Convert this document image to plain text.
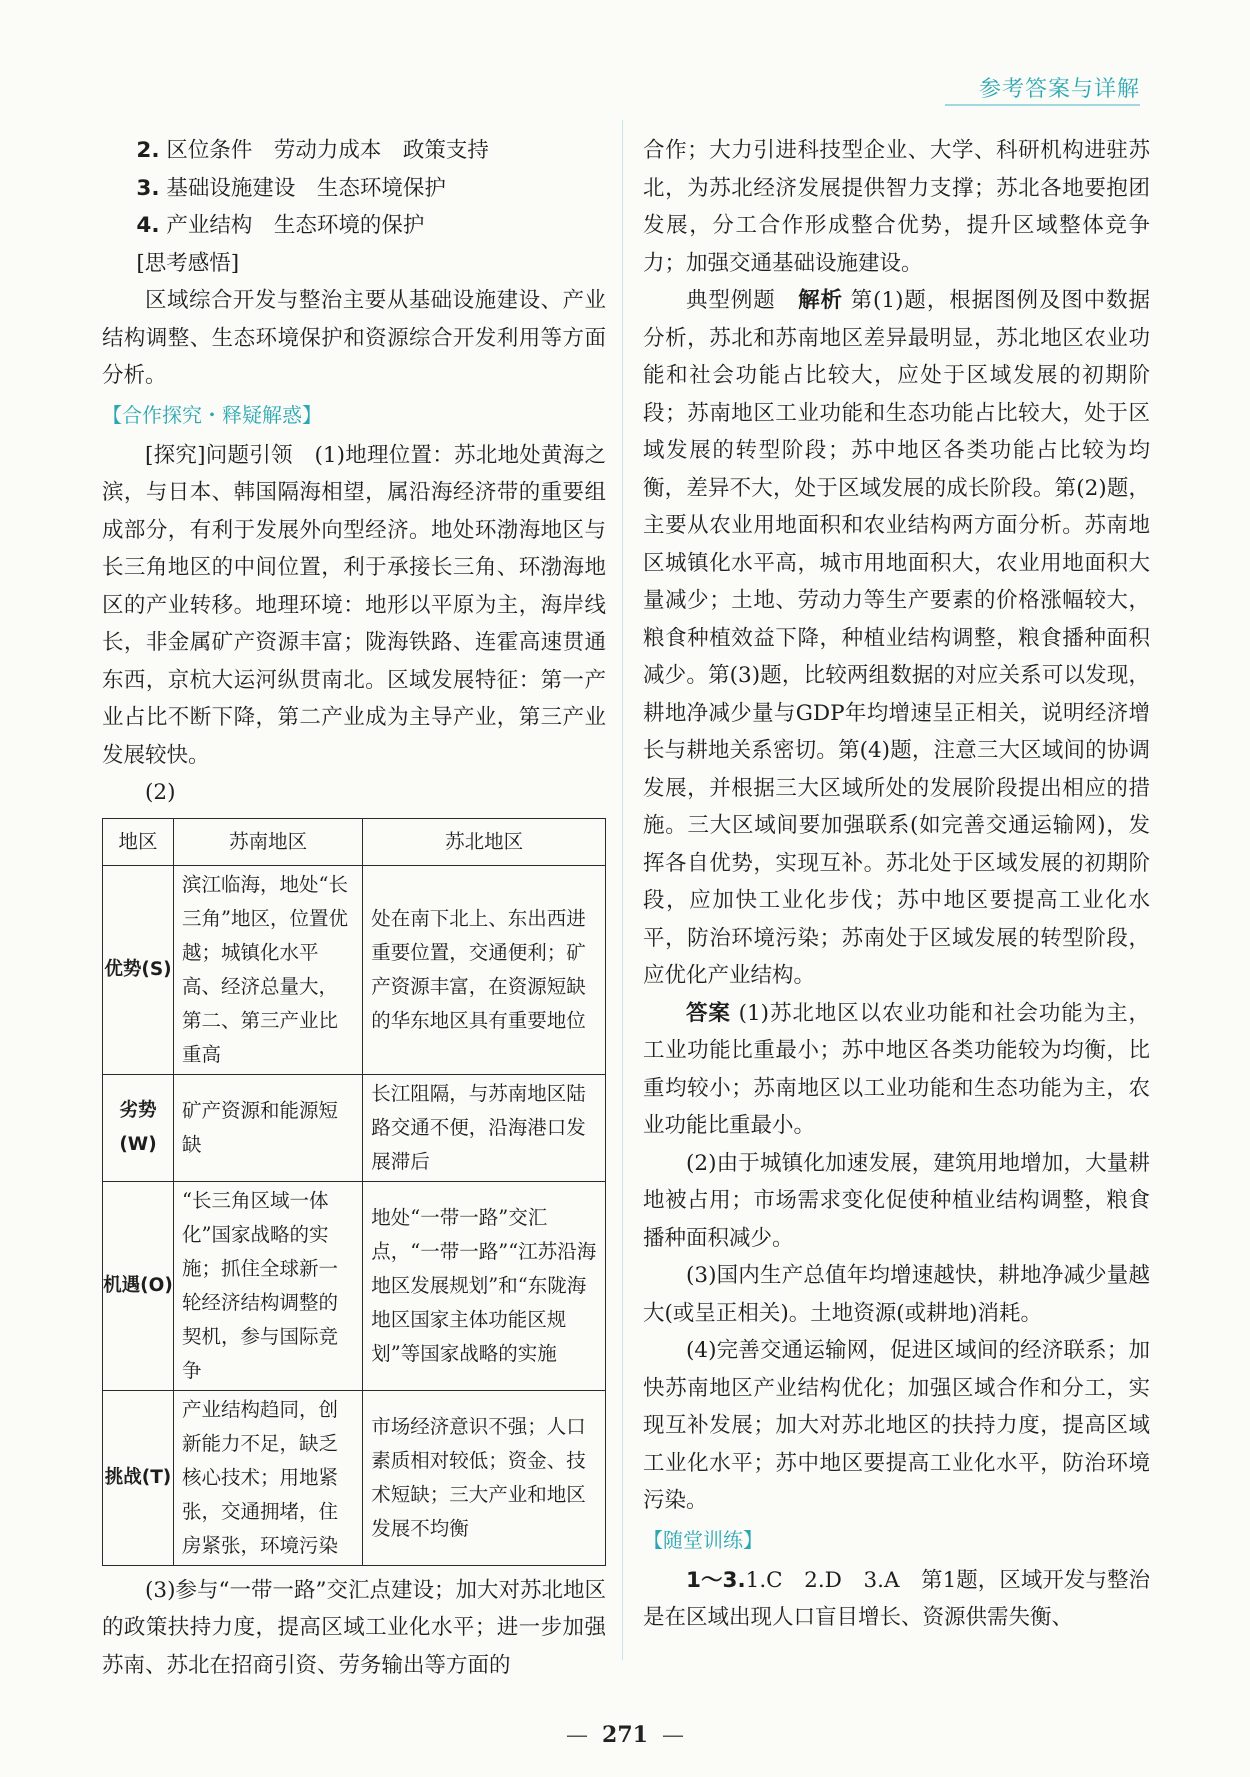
参考答案与详解

2. 区位条件　劳动力成本　政策支持

3. 基础设施建设　生态环境保护

4. 产业结构　生态环境的保护

[思考感悟]

区域综合开发与整治主要从基础设施建设、产业结构调整、生态环境保护和资源综合开发利用等方面分析。

【合作探究・释疑解惑】

[探究]问题引领　(1)地理位置：苏北地处黄海之滨，与日本、韩国隔海相望，属沿海经济带的重要组成部分，有利于发展外向型经济。地处环渤海地区与长三角地区的中间位置，利于承接长三角、环渤海地区的产业转移。地理环境：地形以平原为主，海岸线长，非金属矿产资源丰富；陇海铁路、连霍高速贯通东西，京杭大运河纵贯南北。区域发展特征：第一产业占比不断下降，第二产业成为主导产业，第三产业发展较快。

(2)

地区	苏南地区	苏北地区
优势(S)	滨江临海，地处“长三角”地区，位置优越；城镇化水平高、经济总量大，第二、第三产业比重高	处在南下北上、东出西进重要位置，交通便利；矿产资源丰富，在资源短缺的华东地区具有重要地位
劣势(W)	矿产资源和能源短缺	长江阻隔，与苏南地区陆路交通不便，沿海港口发展滞后
机遇(O)	“长三角区域一体化”国家战略的实施；抓住全球新一轮经济结构调整的契机，参与国际竞争	地处“一带一路”交汇点，“一带一路”“江苏沿海地区发展规划”和“东陇海地区国家主体功能区规划”等国家战略的实施
挑战(T)	产业结构趋同，创新能力不足，缺乏核心技术；用地紧张，交通拥堵，住房紧张，环境污染	市场经济意识不强；人口素质相对较低；资金、技术短缺；三大产业和地区发展不均衡

(3)参与“一带一路”交汇点建设；加大对苏北地区的政策扶持力度，提高区域工业化水平；进一步加强苏南、苏北在招商引资、劳务输出等方面的

合作；大力引进科技型企业、大学、科研机构进驻苏北，为苏北经济发展提供智力支撑；苏北各地要抱团发展，分工合作形成整合优势，提升区域整体竞争力；加强交通基础设施建设。

典型例题　 解析 第(1)题，根据图例及图中数据分析，苏北和苏南地区差异最明显，苏北地区农业功能和社会功能占比较大，应处于区域发展的初期阶段；苏南地区工业功能和生态功能占比较大，处于区域发展的转型阶段；苏中地区各类功能占比较为均衡，差异不大，处于区域发展的成长阶段。第(2)题，主要从农业用地面积和农业结构两方面分析。苏南地区城镇化水平高，城市用地面积大，农业用地面积大量减少；土地、劳动力等生产要素的价格涨幅较大，粮食种植效益下降，种植业结构调整，粮食播种面积减少。第(3)题，比较两组数据的对应关系可以发现，耕地净减少量与GDP年均增速呈正相关，说明经济增长与耕地关系密切。第(4)题，注意三大区域间的协调发展，并根据三大区域所处的发展阶段提出相应的措施。三大区域间要加强联系(如完善交通运输网)，发挥各自优势，实现互补。苏北处于区域发展的初期阶段，应加快工业化步伐；苏中地区要提高工业化水平，防治环境污染；苏南处于区域发展的转型阶段，应优化产业结构。

答案 (1)苏北地区以农业功能和社会功能为主，工业功能比重最小；苏中地区各类功能较为均衡，比重均较小；苏南地区以工业功能和生态功能为主，农业功能比重最小。

(2)由于城镇化加速发展，建筑用地增加，大量耕地被占用；市场需求变化促使种植业结构调整，粮食播种面积减少。

(3)国内生产总值年均增速越快，耕地净减少量越大(或呈正相关)。土地资源(或耕地)消耗。

(4)完善交通运输网，促进区域间的经济联系；加快苏南地区产业结构优化；加强区域合作和分工，实现互补发展；加大对苏北地区的扶持力度，提高区域工业化水平；苏中地区要提高工业化水平，防治环境污染。

【随堂训练】

1～3.1.C　2.D　3.A　第1题，区域开发与整治是在区域出现人口盲目增长、资源供需失衡、

— 271 —
